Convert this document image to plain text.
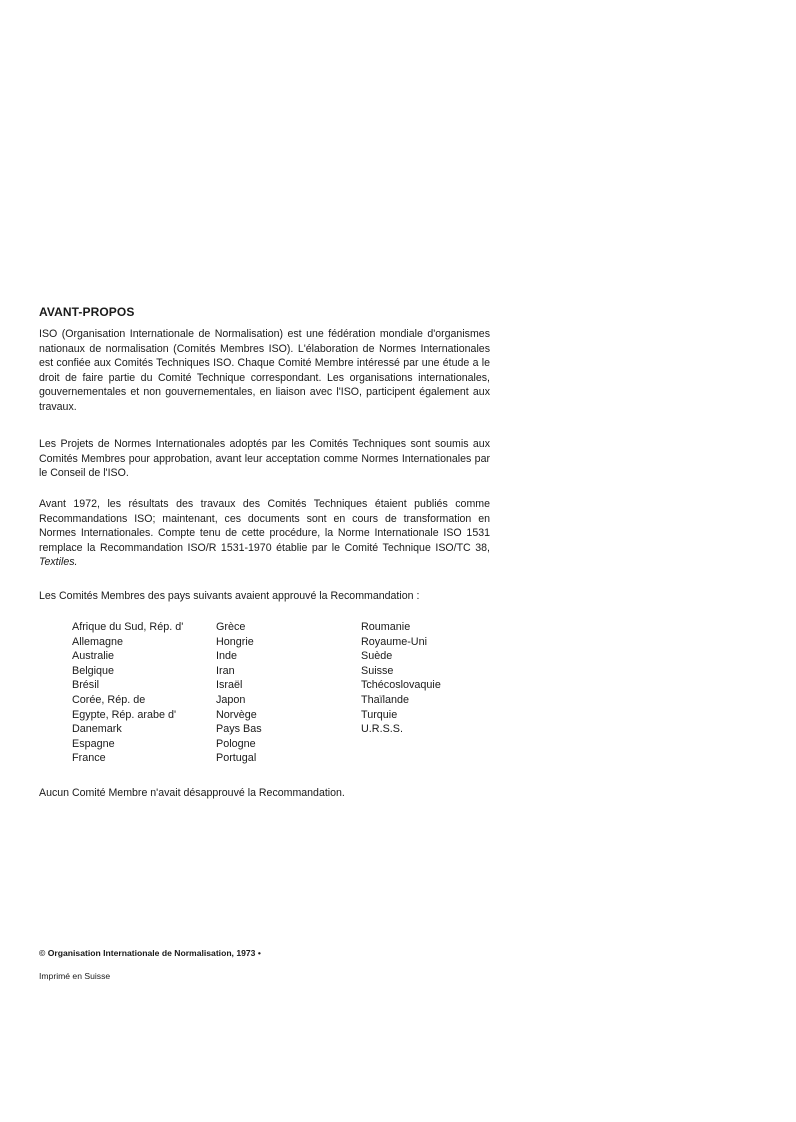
AVANT-PROPOS

ISO (Organisation Internationale de Normalisation) est une fédération mondiale d'organismes nationaux de normalisation (Comités Membres ISO). L'élaboration de Normes Internationales est confiée aux Comités Techniques ISO. Chaque Comité Membre intéressé par une étude a le droit de faire partie du Comité Technique correspondant. Les organisations internationales, gouvernementales et non gouvernementales, en liaison avec l'ISO, participent également aux travaux.

Les Projets de Normes Internationales adoptés par les Comités Techniques sont soumis aux Comités Membres pour approbation, avant leur acceptation comme Normes Internationales par le Conseil de l'ISO.

Avant 1972, les résultats des travaux des Comités Techniques étaient publiés comme Recommandations ISO; maintenant, ces documents sont en cours de transformation en Normes Internationales. Compte tenu de cette procédure, la Norme Internationale ISO 1531 remplace la Recommandation ISO/R 1531-1970 établie par le Comité Technique ISO/TC 38, Textiles.

Les Comités Membres des pays suivants avaient approuvé la Recommandation :

Afrique du Sud, Rép. d'
Allemagne
Australie
Belgique
Brésil
Corée, Rép. de
Egypte, Rép. arabe d'
Danemark
Espagne
France
Grèce
Hongrie
Inde
Iran
Israël
Japon
Norvège
Pays Bas
Pologne
Portugal
Roumanie
Royaume-Uni
Suède
Suisse
Tchécoslovaquie
Thaïlande
Turquie
U.R.S.S.

Aucun Comité Membre n'avait désapprouvé la Recommandation.

© Organisation Internationale de Normalisation, 1973 •
Imprimé en Suisse
